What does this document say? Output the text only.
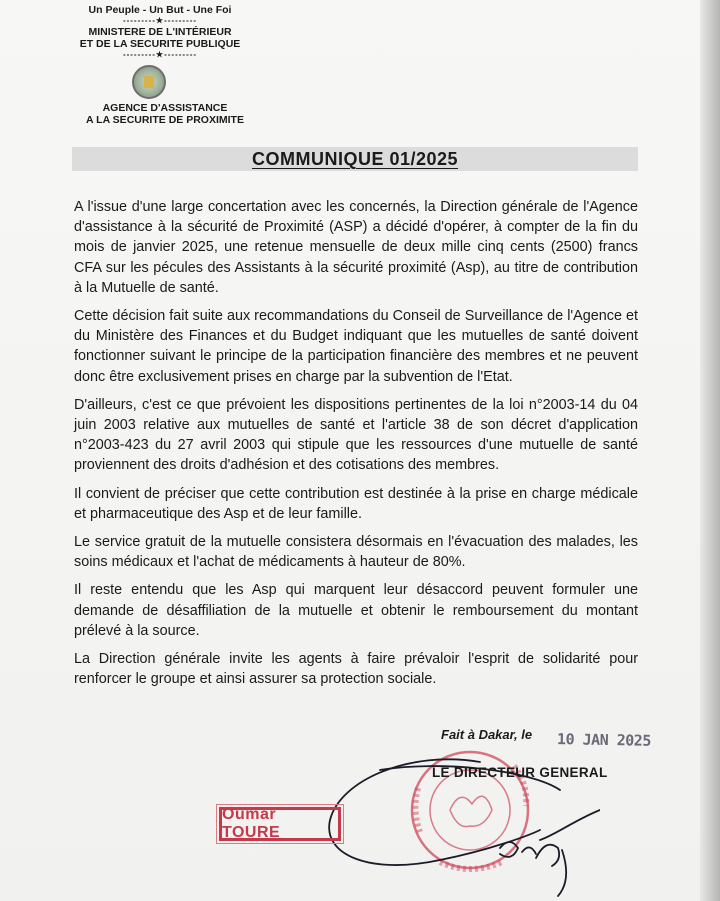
Un Peuple - Un But - Une Foi
---------★---------
MINISTERE DE L'INTÉRIEUR
ET DE LA SECURITE PUBLIQUE
---------★---------
AGENCE D'ASSISTANCE
A LA SECURITE DE PROXIMITE
COMMUNIQUE 01/2025

A l'issue d'une large concertation avec les concernés, la Direction générale de l'Agence d'assistance à la sécurité de Proximité (ASP) a décidé d'opérer, à compter de la fin du mois de janvier 2025, une retenue mensuelle de deux mille cinq cents (2500) francs CFA sur les pécules des Assistants à la sécurité proximité (Asp), au titre de contribution à la Mutuelle de santé.

Cette décision fait suite aux recommandations du Conseil de Surveillance de l'Agence et du Ministère des Finances et du Budget indiquant que les mutuelles de santé doivent fonctionner suivant le principe de la participation financière des membres et ne peuvent donc être exclusivement prises en charge par la subvention de l'Etat.

D'ailleurs, c'est ce que prévoient les dispositions pertinentes de la loi n°2003-14 du 04 juin 2003 relative aux mutuelles de santé et l'article 38 de son décret d'application n°2003-423 du 27 avril 2003 qui stipule que les ressources d'une mutuelle de santé proviennent des droits d'adhésion et des cotisations des membres.

Il convient de préciser que cette contribution est destinée à la prise en charge médicale et pharmaceutique des Asp et de leur famille.

Le service gratuit de la mutuelle consistera désormais en l'évacuation des malades, les soins médicaux et l'achat de médicaments à hauteur de 80%.

Il reste entendu que les Asp qui marquent leur désaccord peuvent formuler une demande de désaffiliation de la mutuelle et obtenir le remboursement du montant prélevé à la source.

La Direction générale invite les agents à faire prévaloir l'esprit de solidarité pour renforcer le groupe et ainsi assurer sa protection sociale.

Fait à Dakar, le 10 JAN 2025
LE DIRECTEUR GENERAL
Oumar TOURE
